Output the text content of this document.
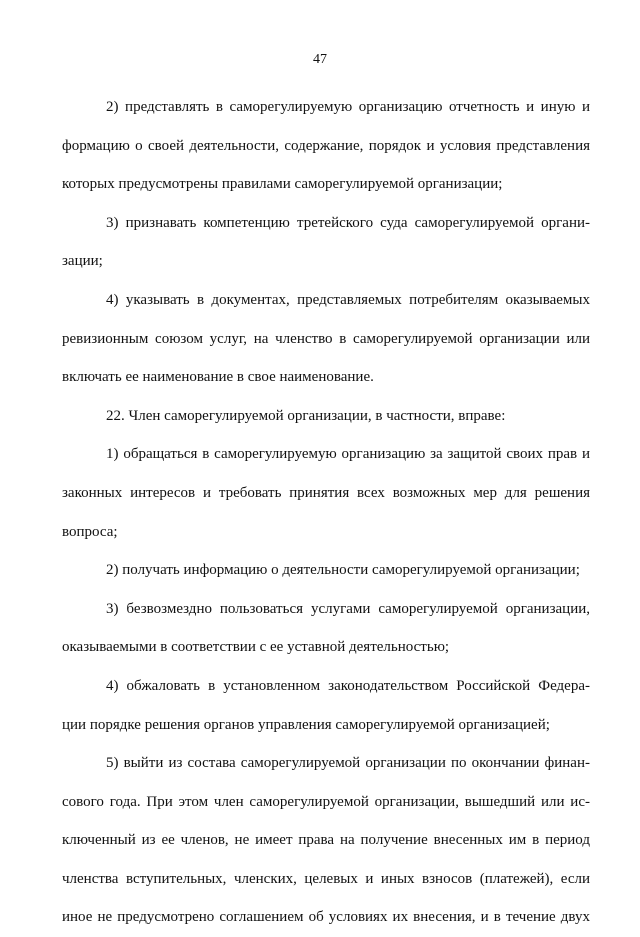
47
2) представлять в саморегулируемую организацию отчетность и иную и
формацию о своей деятельности, содержание, порядок и условия представления
которых предусмотрены правилами саморегулируемой организации;
3) признавать компетенцию третейского суда саморегулируемой органи-
зации;
4) указывать в документах, представляемых потребителям оказываемых
ревизионным союзом услуг, на членство в саморегулируемой организации или
включать ее наименование в свое наименование.
22. Член саморегулируемой организации, в частности, вправе:
1) обращаться в саморегулируемую организацию за защитой своих прав и
законных интересов и требовать принятия всех возможных мер для решения
вопроса;
2) получать информацию о деятельности саморегулируемой организации;
3) безвозмездно пользоваться услугами саморегулируемой организации,
оказываемыми в соответствии с ее уставной деятельностью;
4) обжаловать в установленном законодательством Российской Федера-
ции порядке решения органов управления саморегулируемой организацией;
5) выйти из состава саморегулируемой организации по окончании финан-
сового года. При этом член саморегулируемой организации, вышедший или ис-
ключенный из ее членов, не имеет права на получение внесенных им в период
членства вступительных, членских, целевых и иных взносов (платежей), если
иное не предусмотрено соглашением об условиях их внесения, и в течение двух
